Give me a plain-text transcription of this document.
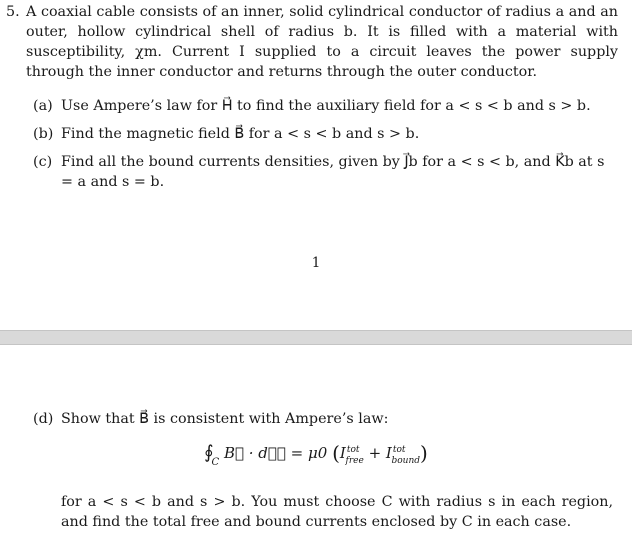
5. A coaxial cable consists of an inner, solid cylindrical conductor of radius a and an outer, hollow cylindrical shell of radius b. It is filled with a material with susceptibility, χm. Current I supplied to a circuit leaves the power supply through the inner conductor and returns through the outer conductor.
(a) Use Ampere’s law for H⃗ to find the auxiliary field for a < s < b and s > b.
(b) Find the magnetic field B⃗ for a < s < b and s > b.
(c) Find all the bound currents densities, given by J⃗b for a < s < b, and K⃗b at s = a and s = b.
1
(d) Show that B⃗ is consistent with Ampere’s law:
$∮_C$ B⃗ · dℓ⃗ = μ0 $(I^{tot}_{free} + I^{tot}_{bound})$
for a < s < b and s > b. You must choose C with radius s in each region, and find the total free and bound currents enclosed by C in each case.
